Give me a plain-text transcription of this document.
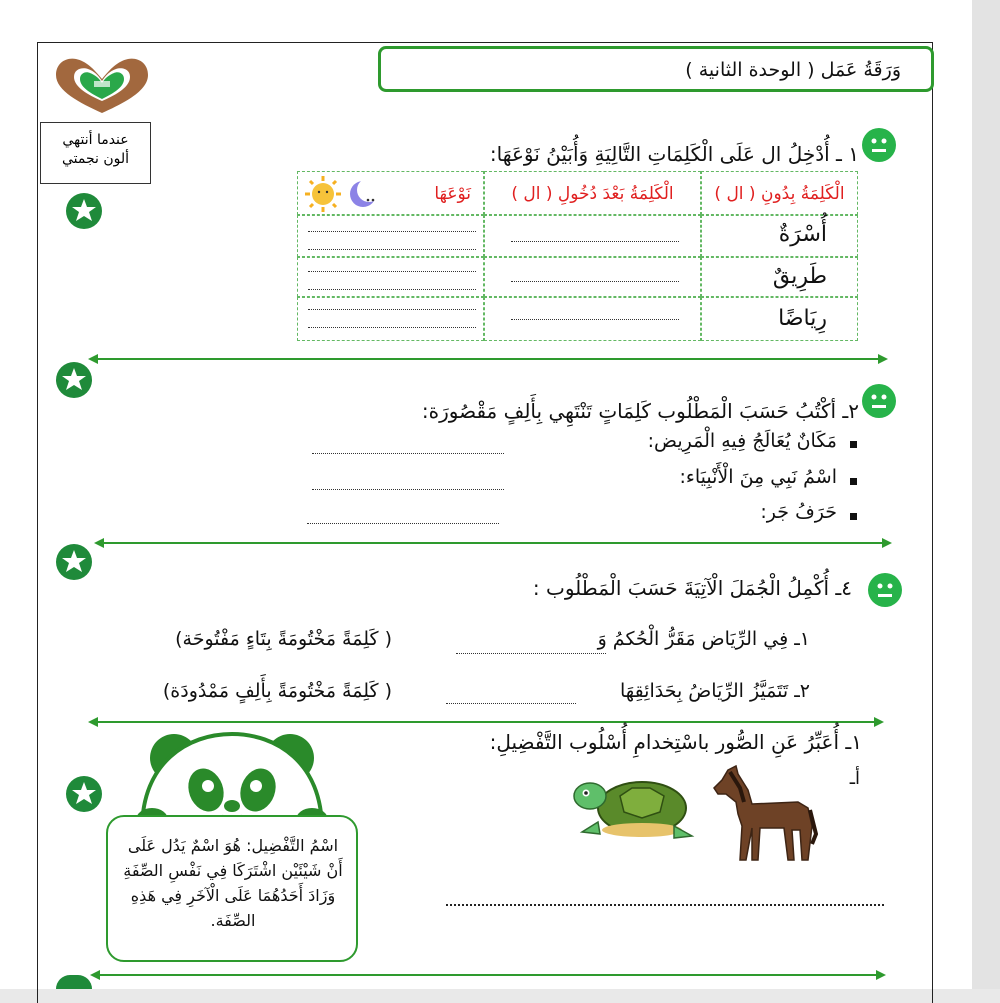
عندما أنتهي
ألون نجمتي
وَرَقَةُ عَمَل ( الوحدة الثانية )
١ ـ أُدْخِلُ ال عَلَى الْكَلِمَاتِ التَّالِيَةِ وَأُبَيْنُ نَوْعَهَا:
الْكَلِمَةُ بِدُونِ ( ال )
الْكَلِمَةُ بَعْدَ دُخُولِ ( ال )
نَوْعَهَا
أُسْرَةٌ
طَرِيقٌ
رِيَاضًا
٢ـ أكْتُبُ حَسَبَ الْمَطْلُوب كَلِمَاتٍ تَنْتَهِي بِأَلِفٍ مَقْصُورَة:
مَكَانٌ يُعَالَجُ فِيهِ الْمَرِيض:
اسْمُ نَبِي مِنَ الْأَنْبِيَاء:
حَرَفُ جَر:
٤ـ أُكْمِلُ الْجُمَلَ الْآتِيَةَ حَسَبَ الْمَطْلُوب :
١ـ فِي الرِّيَاض مَقَرُّ الْحُكمُ وَ
( كَلِمَةً مَخْتُومَةً بِتَاءٍ مَفْتُوحَة)
٢ـ تَتَمَيَّزُ الرِّيَاضُ بِحَدَائِقِهَا
( كَلِمَةً مَخْتُومَةً بِأَلِفٍ مَمْدُودَة)
١ـ أُعَبِّرُ عَنِ الصُّور باسْتِخدامِ أُسْلُوب التَّفْضِيلِ:
أـ
اسْمُ التَّفْضِيل: هُوَ اسْمٌ يَدُل عَلَى أَنْ شَيْئَيْن اشْتَرَكَا فِي نَفْسِ الصِّفَةِ وَزَادَ أَحَدُهُمَا عَلَى الْآخَرِ فِي هَذِهِ الصِّفَة.
